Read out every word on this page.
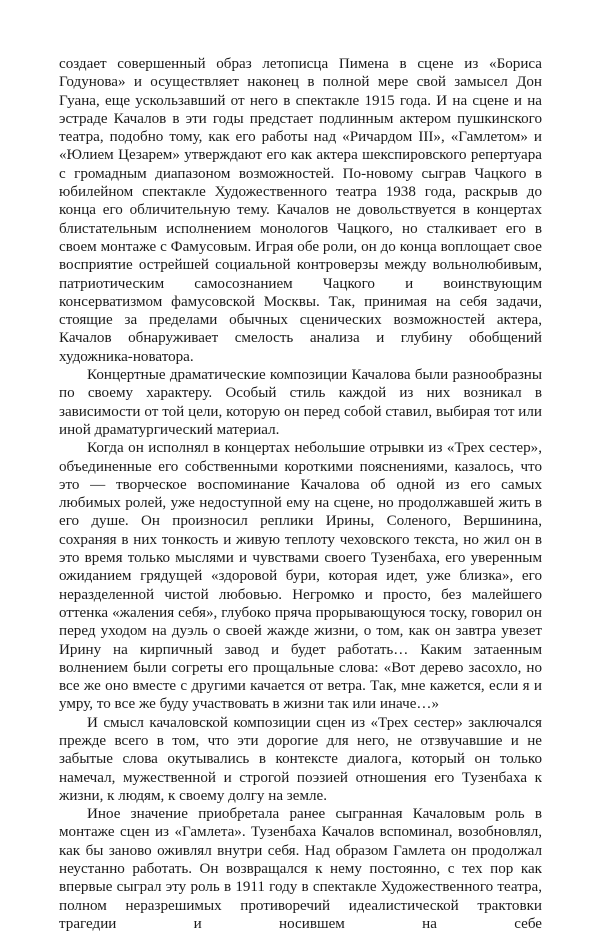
создает совершенный образ летописца Пимена в сцене из «Бориса Годунова» и осуществляет наконец в полной мере свой замысел Дон Гуана, еще ускользавший от него в спектакле 1915 года. И на сцене и на эстраде Качалов в эти годы предстает подлинным актером пушкинского театра, подобно тому, как его работы над «Ричардом III», «Гамлетом» и «Юлием Цезарем» утверждают его как актера шекспировского репертуара с громадным диапазоном возможностей. По-новому сыграв Чацкого в юбилейном спектакле Художественного театра 1938 года, раскрыв до конца его обличительную тему. Качалов не довольствуется в концертах блистательным исполнением монологов Чацкого, но сталкивает его в своем монтаже с Фамусовым. Играя обе роли, он до конца воплощает свое восприятие острейшей социальной контроверзы между вольнолюбивым, патриотическим самосознанием Чацкого и воинствующим консерватизмом фамусовской Москвы. Так, принимая на себя задачи, стоящие за пределами обычных сценических возможностей актера, Качалов обнаруживает смелость анализа и глубину обобщений художника-новатора.

Концертные драматические композиции Качалова были разнообразны по своему характеру. Особый стиль каждой из них возникал в зависимости от той цели, которую он перед собой ставил, выбирая тот или иной драматургический материал.

Когда он исполнял в концертах небольшие отрывки из «Трех сестер», объединенные его собственными короткими пояснениями, казалось, что это — творческое воспоминание Качалова об одной из его самых любимых ролей, уже недоступной ему на сцене, но продолжавшей жить в его душе. Он произносил реплики Ирины, Соленого, Вершинина, сохраняя в них тонкость и живую теплоту чеховского текста, но жил он в это время только мыслями и чувствами своего Тузенбаха, его уверенным ожиданием грядущей «здоровой бури, которая идет, уже близка», его неразделенной чистой любовью. Негромко и просто, без малейшего оттенка «жаления себя», глубоко пряча прорывающуюся тоску, говорил он перед уходом на дуэль о своей жажде жизни, о том, как он завтра увезет Ирину на кирпичный завод и будет работать… Каким затаенным волнением были согреты его прощальные слова: «Вот дерево засохло, но все же оно вместе с другими качается от ветра. Так, мне кажется, если я и умру, то все же буду участвовать в жизни так или иначе…»

И смысл качаловской композиции сцен из «Трех сестер» заключался прежде всего в том, что эти дорогие для него, не отзвучавшие и не забытые слова окутывались в контексте диалога, который он только намечал, мужественной и строгой поэзией отношения его Тузенбаха к жизни, к людям, к своему долгу на земле.

Иное значение приобретала ранее сыгранная Качаловым роль в монтаже сцен из «Гамлета». Тузенбаха Качалов вспоминал, возобновлял, как бы заново оживлял внутри себя. Над образом Гамлета он продолжал неустанно работать. Он возвращался к нему постоянно, с тех пор как впервые сыграл эту роль в 1911 году в спектакле Художественного театра, полном неразрешимых противоречий идеалистической трактовки трагедии и носившем на себе
